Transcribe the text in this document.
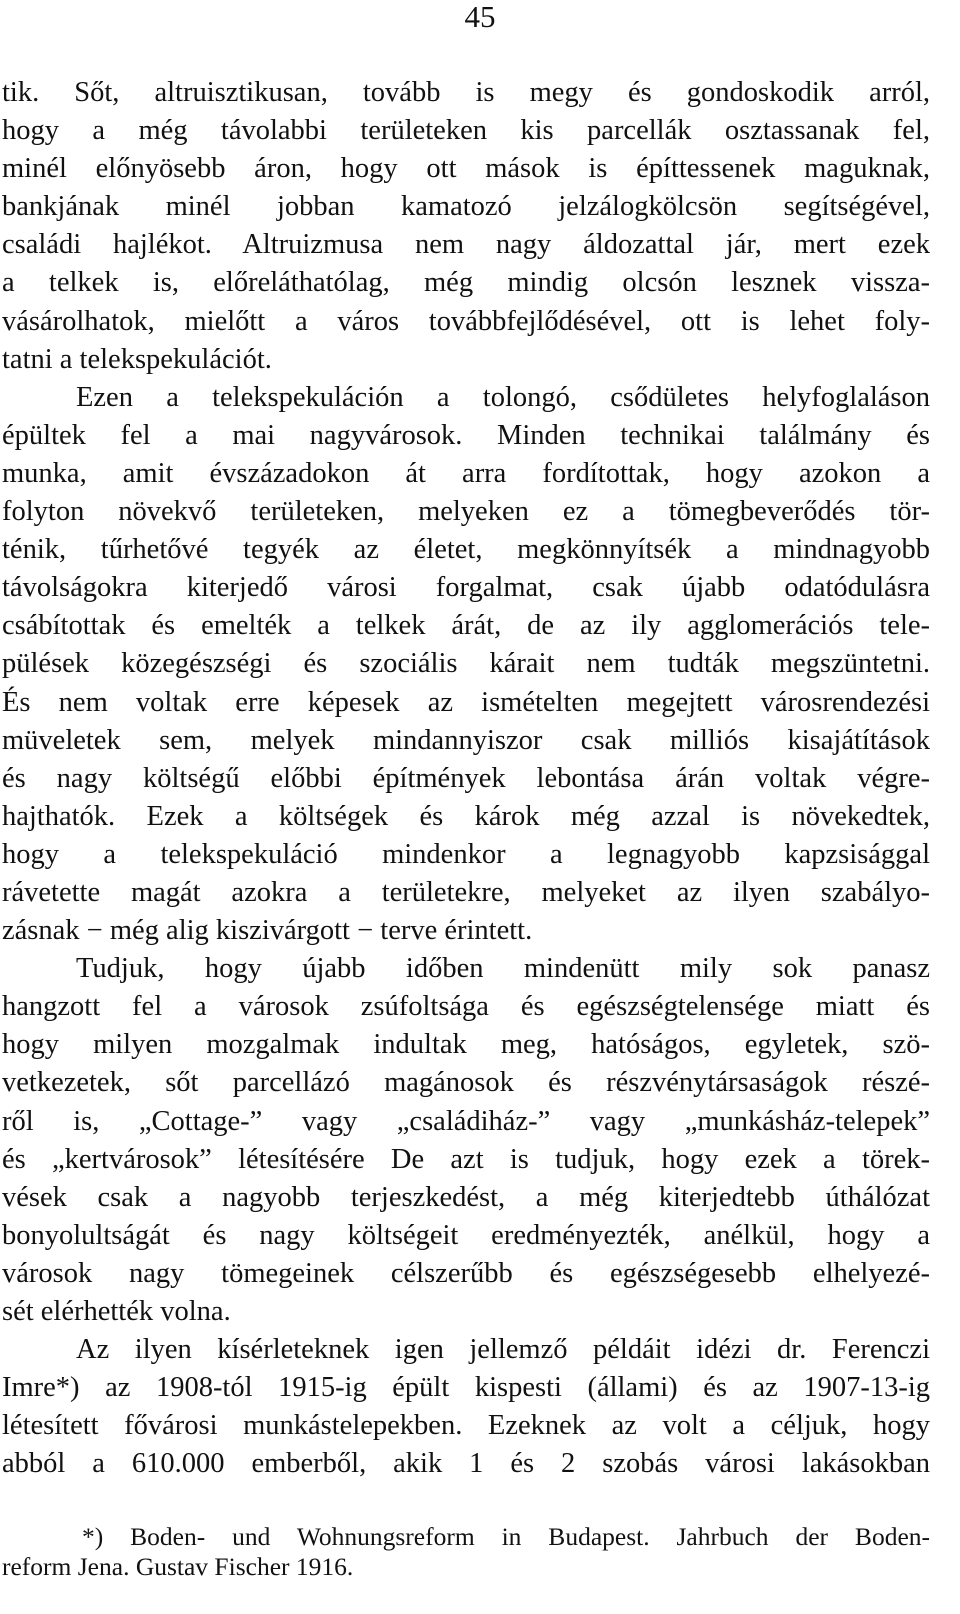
45
tik. Sőt, altruisztikusan, tovább is megy és gondoskodik arról,
hogy a még távolabbi területeken kis parcellák osztassanak fel,
minél előnyösebb áron, hogy ott mások is építtessenek maguknak,
bankjának minél jobban kamatozó jelzálogkölcsön segítségével,
családi hajlékot. Altruizmusa nem nagy áldozattal jár, mert ezek
a telkek is, előreláthatólag, még mindig olcsón lesznek vissza-
vásárolhatok, mielőtt a város továbbfejlődésével, ott is lehet foly-
tatni a telekspekulációt.
Ezen a telekspekuláción a tolongó, csődületes helyfoglaláson
épültek fel a mai nagyvárosok. Minden technikai találmány és
munka, amit évszázadokon át arra fordítottak, hogy azokon a
folyton növekvő területeken, melyeken ez a tömegbeverődés tör-
ténik, tűrhetővé tegyék az életet, megkönnyítsék a mindnagyobb
távolságokra kiterjedő városi forgalmat, csak újabb odatódulásra
csábítottak és emelték a telkek árát, de az ily agglomerációs tele-
pülések közegészségi és szociális kárait nem tudták megszüntetni.
És nem voltak erre képesek az ismételten megejtett városrendezési
müveletek sem, melyek mindannyiszor csak milliós kisajátítások
és nagy költségű előbbi építmények lebontása árán voltak végre-
hajthatók. Ezek a költségek és károk még azzal is növekedtek,
hogy a telekspekuláció mindenkor a legnagyobb kapzsisággal
rávetette magát azokra a területekre, melyeket az ilyen szabályo-
zásnak − még alig kiszivárgott − terve érintett.
Tudjuk, hogy újabb időben mindenütt mily sok panasz
hangzott fel a városok zsúfoltsága és egészségtelensége miatt és
hogy milyen mozgalmak indultak meg, hatóságos, egyletek, szö-
vetkezetek, sőt parcellázó magánosok és részvénytársaságok részé-
ről is, „Cottage-” vagy „családiház-” vagy „munkásház-telepek”
és „kertvárosok” létesítésére De azt is tudjuk, hogy ezek a törek-
vések csak a nagyobb terjeszkedést, a még kiterjedtebb úthálózat
bonyolultságát és nagy költségeit eredményezték, anélkül, hogy a
városok nagy tömegeinek célszerűbb és egészségesebb elhelyezé-
sét elérhették volna.
Az ilyen kísérleteknek igen jellemző példáit idézi dr. Ferenczi
Imre*) az 1908-tól 1915-ig épült kispesti (állami) és az 1907-13-ig
létesített fővárosi munkástelepekben. Ezeknek az volt a céljuk, hogy
abból a 610.000 emberből, akik 1 és 2 szobás városi lakásokban
*) Boden- und Wohnungsreform in Budapest. Jahrbuch der Boden-
reform Jena. Gustav Fischer 1916.
